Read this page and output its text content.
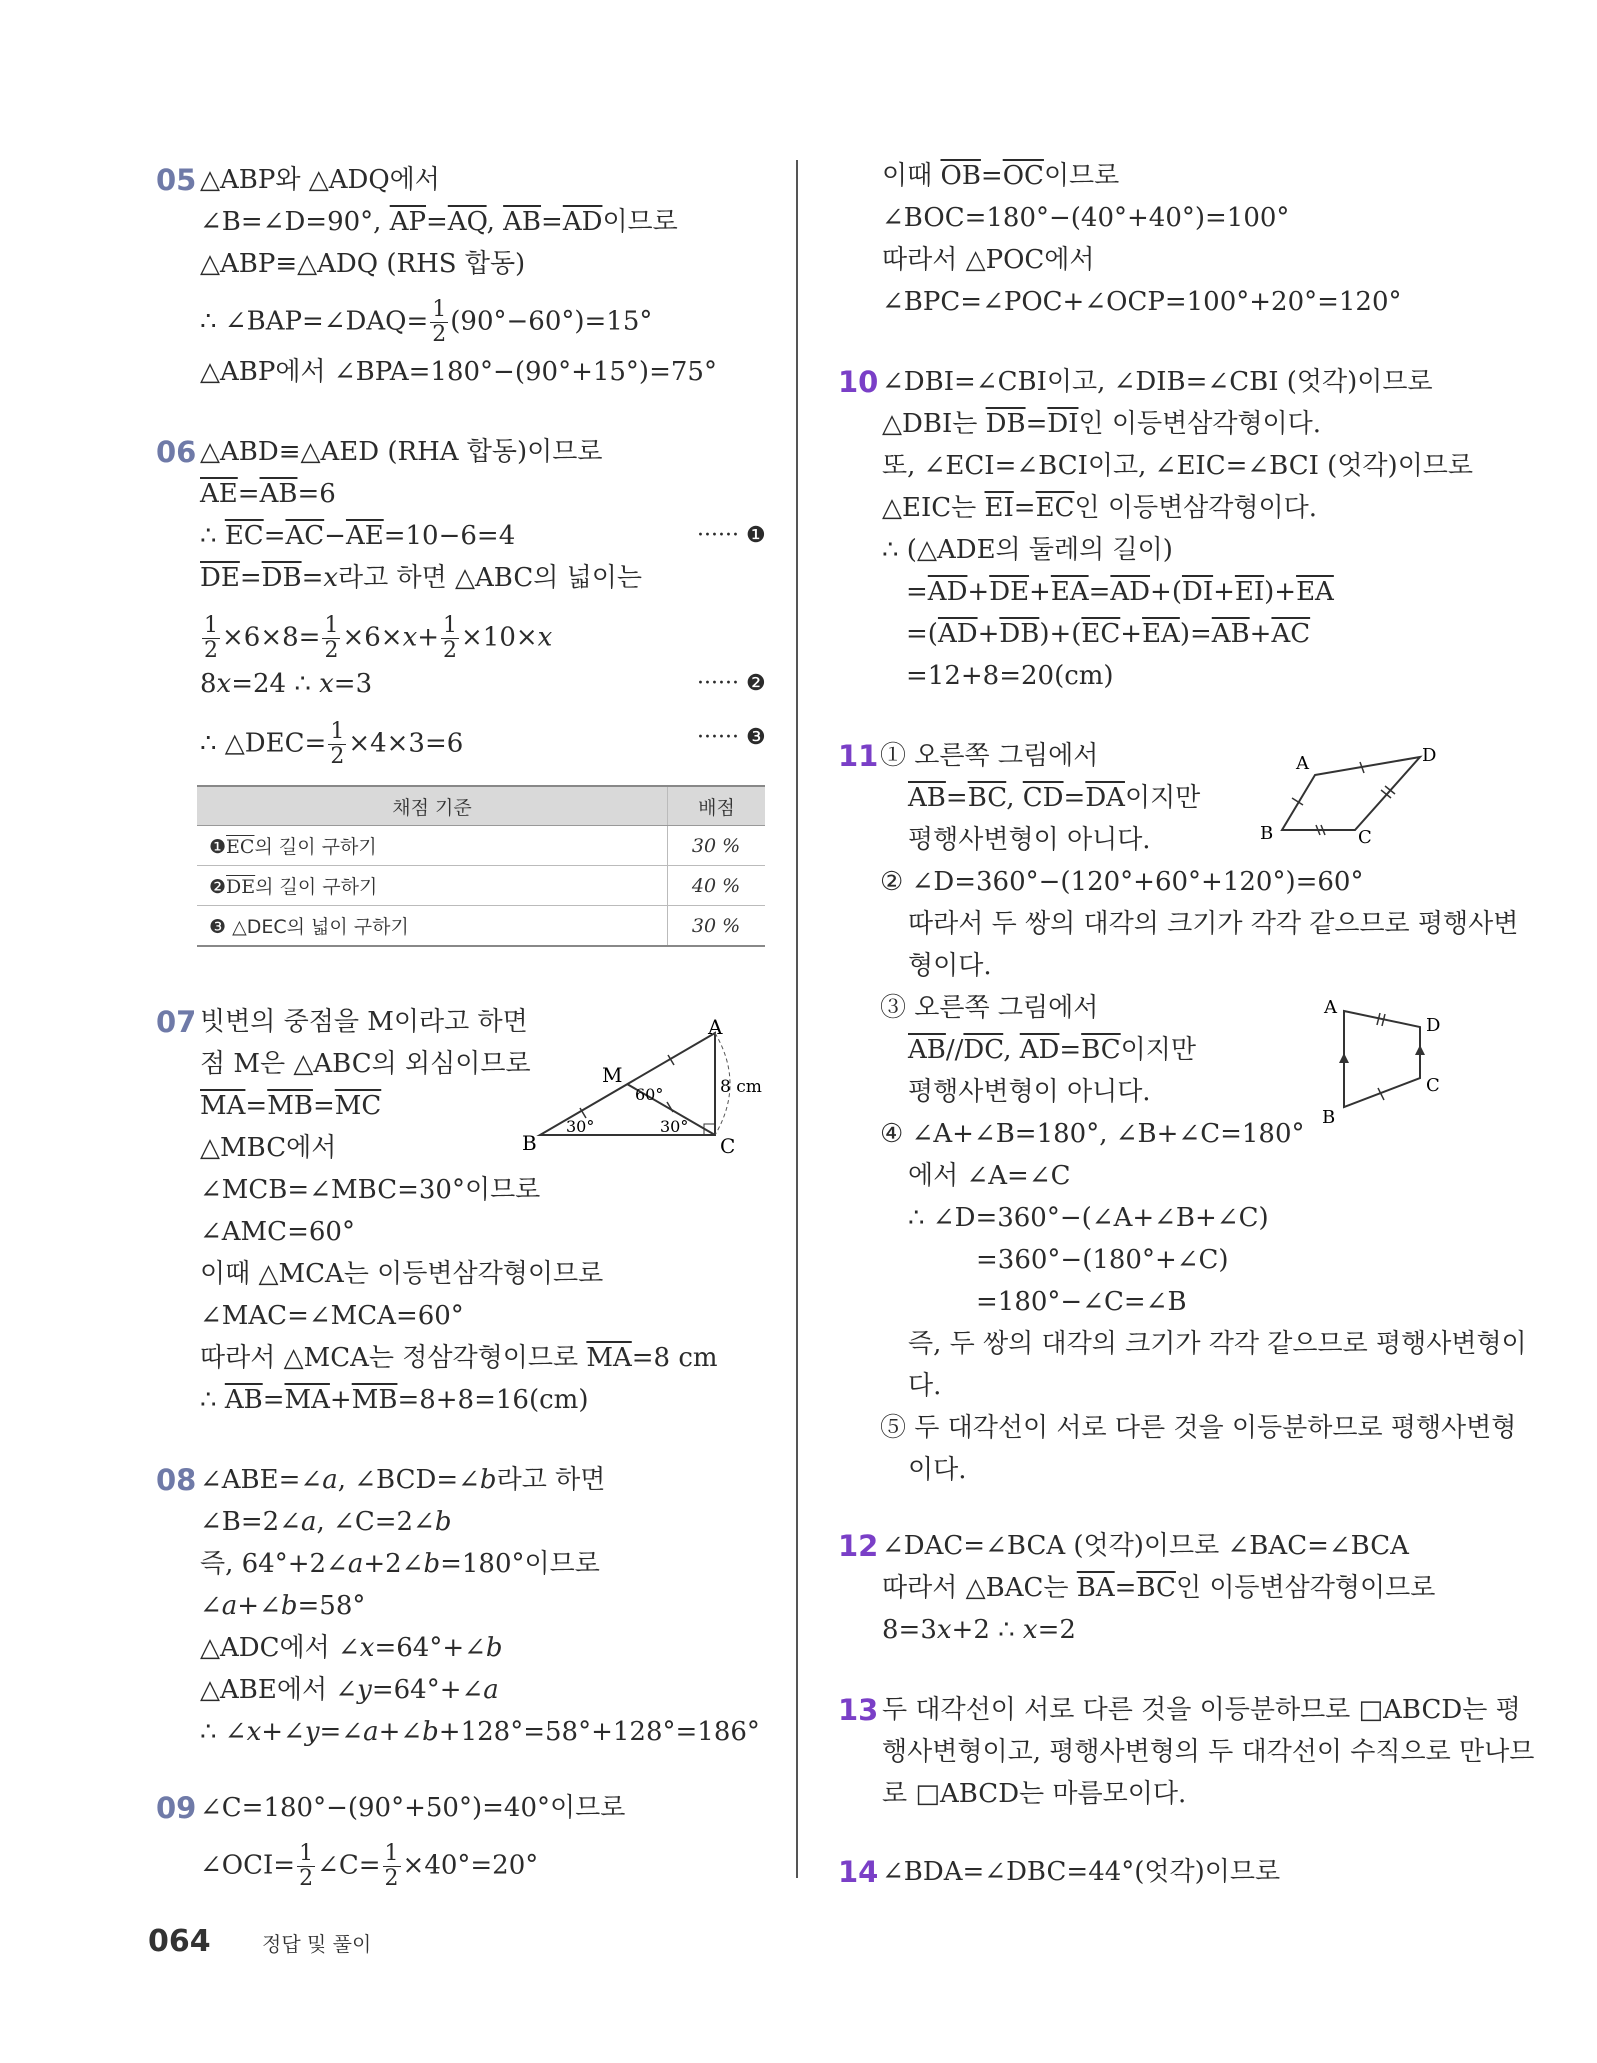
05 △ABP와 △ADQ에서
∠B=∠D=90°, $\overline{AP}=\overline{AQ}$, $\overline{AB}=\overline{AD}$이므로
△ABP≡△ADQ (RHS 합동)
∴ ∠BAP=∠DAQ= $\frac{1}{2} (90^\circ-60^\circ)=15^\circ$
△ABP에서 ∠BPA=180°−(90°+15°)=75°
06 △ABD≡△AED (RHA 합동)이므로
$\overline{AE}=\overline{AB}=6$
∴ $\overline{EC}=\overline{AC}-\overline{AE}=10-6=4$	······ ❶
$\overline{DE}=\overline{DB}=𝑥$라고 하면 △ABC의 넓이는
$\frac{1}{2} \times 6\times 8= \frac{1}{2}$ ×6×𝑥+ $\frac{1}{2}$ ×10×𝑥
8𝑥=24 ∴ 𝑥=3	······ ❷
∴ △DEC= $\frac{1}{2} \times 4\times 3=6$	······ ❸
채점 기준	배점
$❶\overline{EC}$의 길이 구하기	30 %
$❷\overline{DE}$의 길이 구하기	40 %
❸ △DEC의 넓이 구하기	30 %
07 빗변의 중점을 M이라고 하면
점 M은 △ABC의 외심이므로
$\overline{MA}=\overline{MB}=\overline{MC}$
△MBC에서
∠MCB=∠MBC=30°이므로
∠AMC=60°
이때 △MCA는 이등변삼각형이므로
∠MAC=∠MCA=60°
따라서 △MCA는 정삼각형이므로 $\overline{MA}=8$ cm
∴ $\overline{AB}=\overline{MA}+\overline{MB}=8+8=16(cm)$
A
B	C
M
60°
30°	30°
8 cm
08 ∠ABE=∠𝑎, ∠BCD=∠𝑏라고 하면
∠B=2∠𝑎, ∠C=2∠𝑏
즉, 64°+2∠𝑎+2∠𝑏=180°이므로
∠𝑎+∠𝑏=58°
△ADC에서 ∠𝑥=64°+∠𝑏
△ABE에서 ∠𝑦=64°+∠𝑎
∴ ∠𝑥+∠𝑦=∠𝑎+∠𝑏+128°=58°+128°=186°
09 ∠C=180°−(90°+50°)=40°이므로
∠OCI= $\frac{1}{2}$ ∠C= $\frac{1}{2} \times 40^\circ=20^\circ$
이때 $\overline{OB}=\overline{OC}$이므로
∠BOC=180°−(40°+40°)=100°
따라서 △POC에서
∠BPC=∠POC+∠OCP=100°+20°=120°
10 ∠DBI=∠CBI이고, ∠DIB=∠CBI (엇각)이므로
△DBI는 $\overline{DB}=\overline{DI}$인 이등변삼각형이다.
또, ∠ECI=∠BCI이고, ∠EIC=∠BCI (엇각)이므로
△EIC는 $\overline{EI}=\overline{EC}$인 이등변삼각형이다.
∴ (△ADE의 둘레의 길이)
$=\overline{AD}+\overline{DE}+\overline{EA}=\overline{AD}+(\overline{DI}+\overline{EI})+\overline{EA}$
$=(\overline{AD}+\overline{DB})+(\overline{EC}+\overline{EA})=\overline{AB}+\overline{AC}$
=12+8=20(cm)
11 ① 오른쪽 그림에서
$\overline{AB}=\overline{BC}$, $\overline{CD}=\overline{DA}$이지만
평행사변형이 아니다.
② ∠D=360°−(120°+60°+120°)=60°
따라서 두 쌍의 대각의 크기가 각각 같으므로 평행사변
형이다.
③ 오른쪽 그림에서
$\overline{AB}//\overline{DC}$, $\overline{AD}=\overline{BC}$이지만
평행사변형이 아니다.
④ ∠A+∠B=180°, ∠B+∠C=180°
에서 ∠A=∠C
∴ ∠D=360°−(∠A+∠B+∠C)
=360°−(180°+∠C)
=180°−∠C=∠B
즉, 두 쌍의 대각의 크기가 각각 같으므로 평행사변형이
다.
⑤ 두 대각선이 서로 다른 것을 이등분하므로 평행사변형
이다.
A	D
B	C
A
D
C
B
12 ∠DAC=∠BCA (엇각)이므로 ∠BAC=∠BCA
따라서 △BAC는 $\overline{BA}=\overline{BC}$인 이등변삼각형이므로
8=3𝑥+2 ∴ 𝑥=2
13 두 대각선이 서로 다른 것을 이등분하므로 □ABCD는 평
행사변형이고, 평행사변형의 두 대각선이 수직으로 만나므
로 □ABCD는 마름모이다.
14 ∠BDA=∠DBC=44°(엇각)이므로
064	정답 및 풀이
